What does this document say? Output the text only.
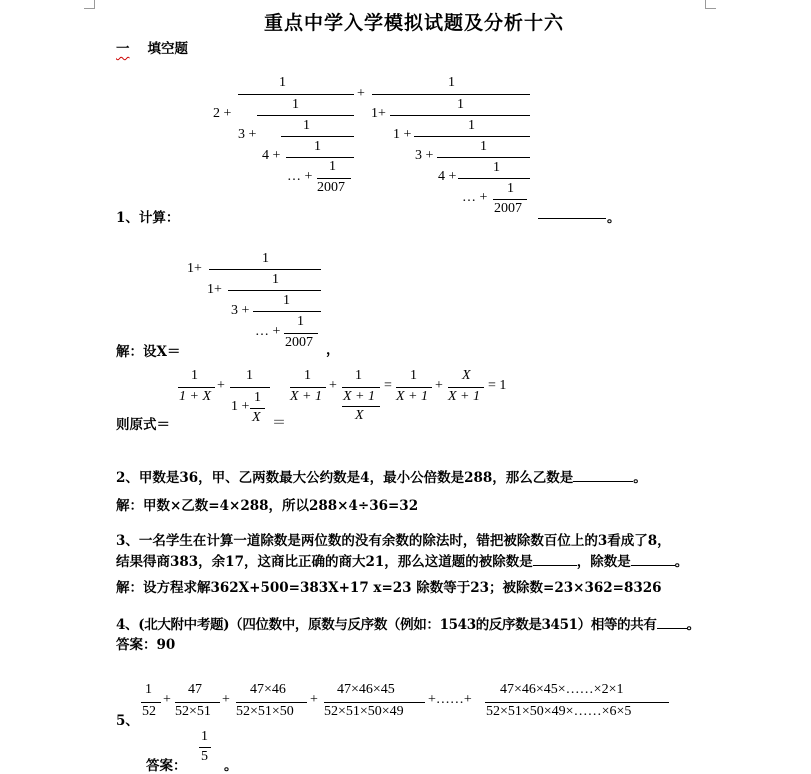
重点中学入学模拟试题及分析十六
一 填空题
1
2 +
1
3 +
1
4 +
1
… +
1
2007
+
1
1+
1
1 +
1
3 +
1
4 +
1
… +
1
2007
1、计算：	。
1+
1
1+
1
3 +
1
… +
1
2007
解：设X＝	，
1
1 + X
+
1
1 +
1
X ＝
1
X + 1
+
1
X + 1
X
=
1
X + 1
+
X
X + 1
= 1
则原式＝
2、甲数是36，甲、乙两数最大公约数是4，最小公倍数是288，那么乙数是	。
解：甲数×乙数=4×288，所以288×4÷36=32
3、一名学生在计算一道除数是两位数的没有余数的除法时，错把被除数百位上的3看成了8，
结果得商383，余17，这商比正确的商大21，那么这道题的被除数是	，除数是	。
解：设方程求解362X+500=383X+17 x=23 除数等于23；被除数=23×362=8326
4、(北大附中考题)（四位数中，原数与反序数（例如：1543的反序数是3451）相等的共有 。
答案：90
1
52
+
47
52×51
+
47×46
52×51×50
+
47×46×45
52×51×50×49
+……+
47×46×45×……×2×1
52×51×50×49×……×6×5
5、
答案：
1
5
。
